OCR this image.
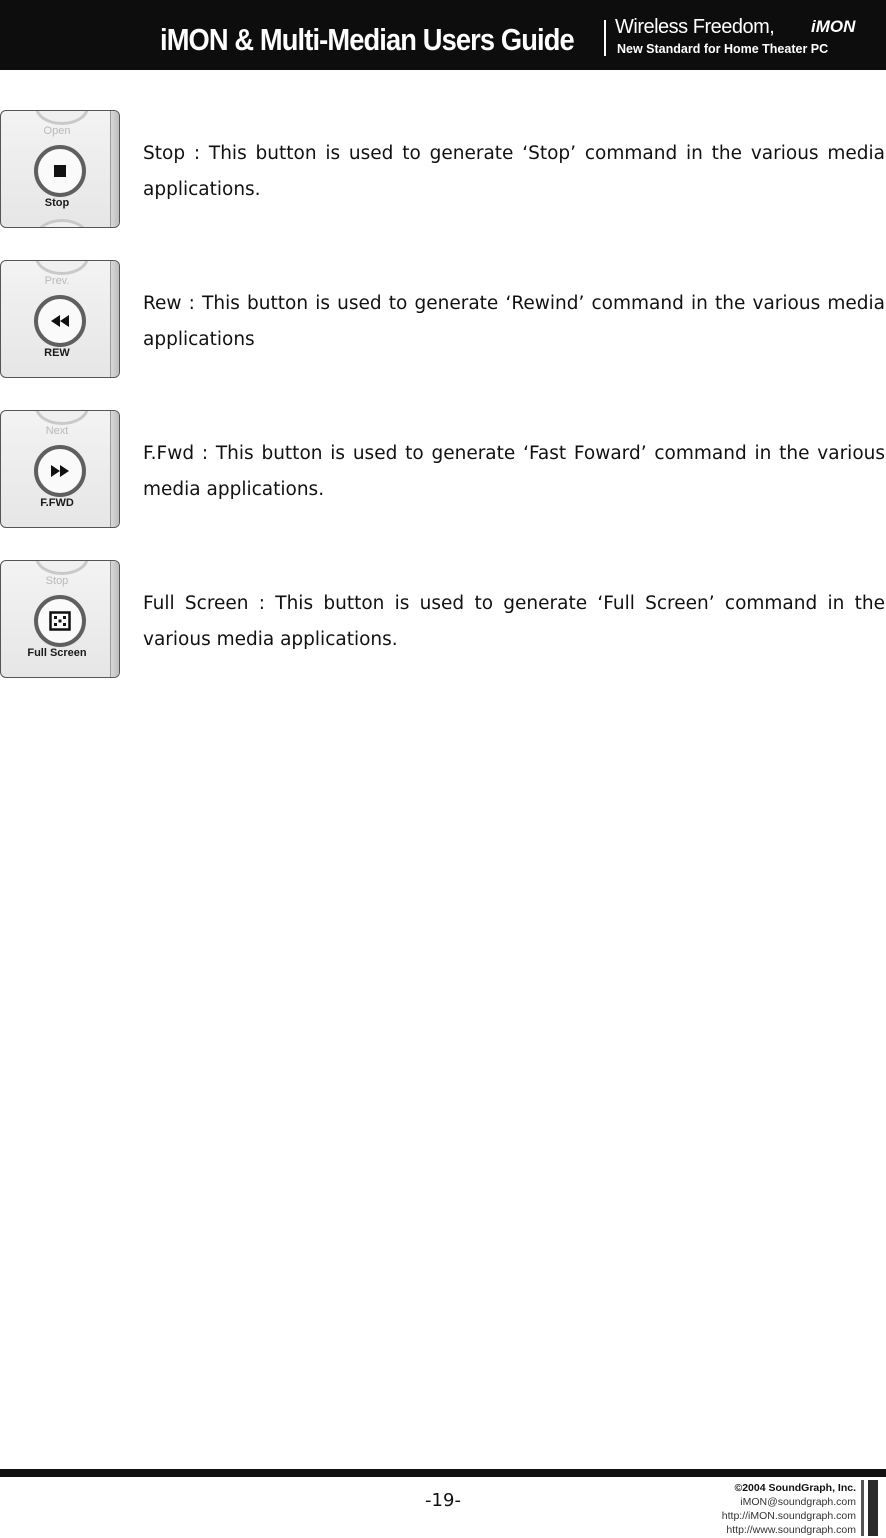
iMON & Multi-Median Users Guide Wireless Freedom, iMON
New Standard for Home Theater PC
Open
Stop
Stop : This button is used to generate ‘Stop’ command in the various media applications.
Prev.
REW
Rew : This button is used to generate ‘Rewind’ command in the various media applications
Next
F.FWD
F.Fwd : This button is used to generate ‘Fast Foward’ command in the various media applications.
Stop
Full Screen
Full Screen : This button is used to generate ‘Full Screen’ command in the various media applications.
-19-
©2004 SoundGraph, Inc.
iMON@soundgraph.com
http://iMON.soundgraph.com
http://www.soundgraph.com
